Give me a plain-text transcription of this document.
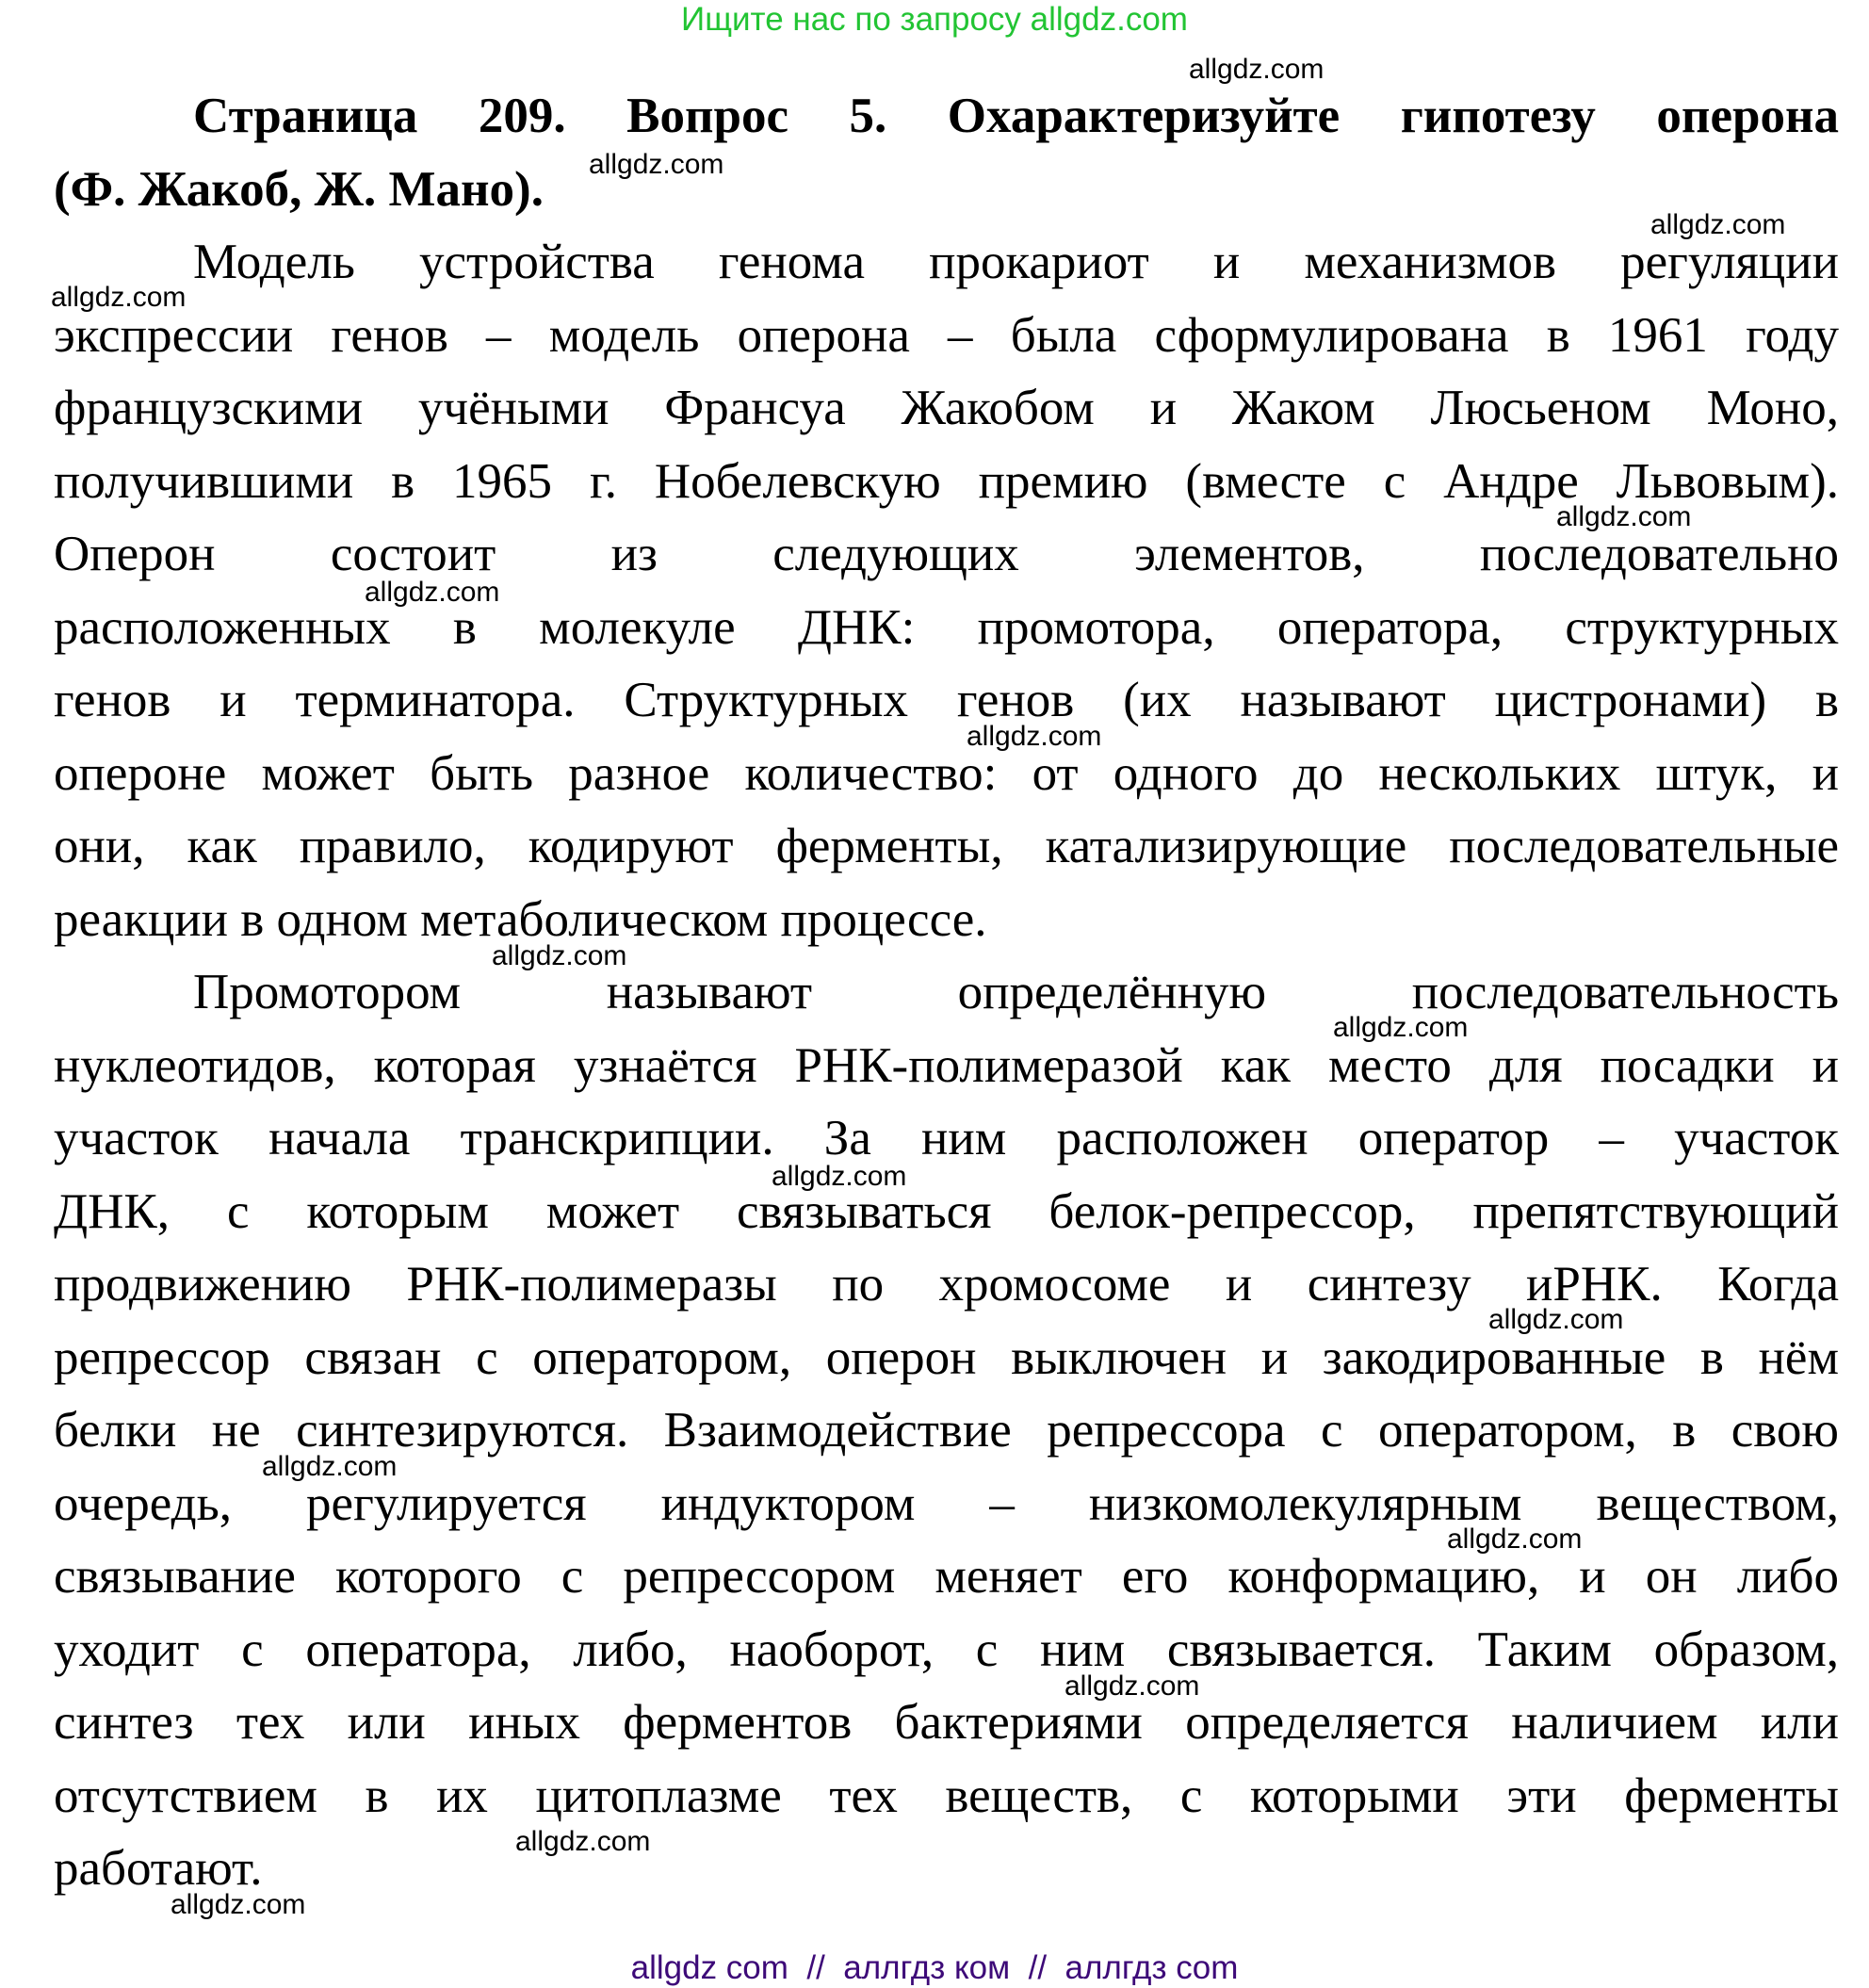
Ищите нас по запросу allgdz.com
Страница 209. Вопрос 5. Охарактеризуйте гипотезу оперона
(Ф. Жакоб, Ж. Мано).
Модель устройства генома прокариот и механизмов регуляции
экспрессии генов – модель оперона – была сформулирована в 1961 году
французскими учёными Франсуа Жакобом и Жаком Люсьеном Моно,
получившими в 1965 г. Нобелевскую премию (вместе с Андре Львовым).
Оперон состоит из следующих элементов, последовательно
расположенных в молекуле ДНК: промотора, оператора, структурных
генов и терминатора. Структурных генов (их называют цистронами) в
опероне может быть разное количество: от одного до нескольких штук, и
они, как правило, кодируют ферменты, катализирующие последовательные
реакции в одном метаболическом процессе.
Промотором называют определённую последовательность
нуклеотидов, которая узнаётся РНК-полимеразой как место для посадки и
участок начала транскрипции. За ним расположен оператор – участок
ДНК, с которым может связываться белок-репрессор, препятствующий
продвижению РНК-полимеразы по хромосоме и синтезу иРНК. Когда
репрессор связан с оператором, оперон выключен и закодированные в нём
белки не синтезируются. Взаимодействие репрессора с оператором, в свою
очередь, регулируется индуктором – низкомолекулярным веществом,
связывание которого с репрессором меняет его конформацию, и он либо
уходит с оператора, либо, наоборот, с ним связывается. Таким образом,
синтез тех или иных ферментов бактериями определяется наличием или
отсутствием в их цитоплазме тех веществ, с которыми эти ферменты
работают.
allgdz.com
allgdz.com
allgdz.com
allgdz.com
allgdz.com
allgdz.com
allgdz.com
allgdz.com
allgdz.com
allgdz.com
allgdz.com
allgdz.com
allgdz.com
allgdz.com
allgdz.com
allgdz.com
allgdz com  //  аллгдз ком  //  аллгдз com
